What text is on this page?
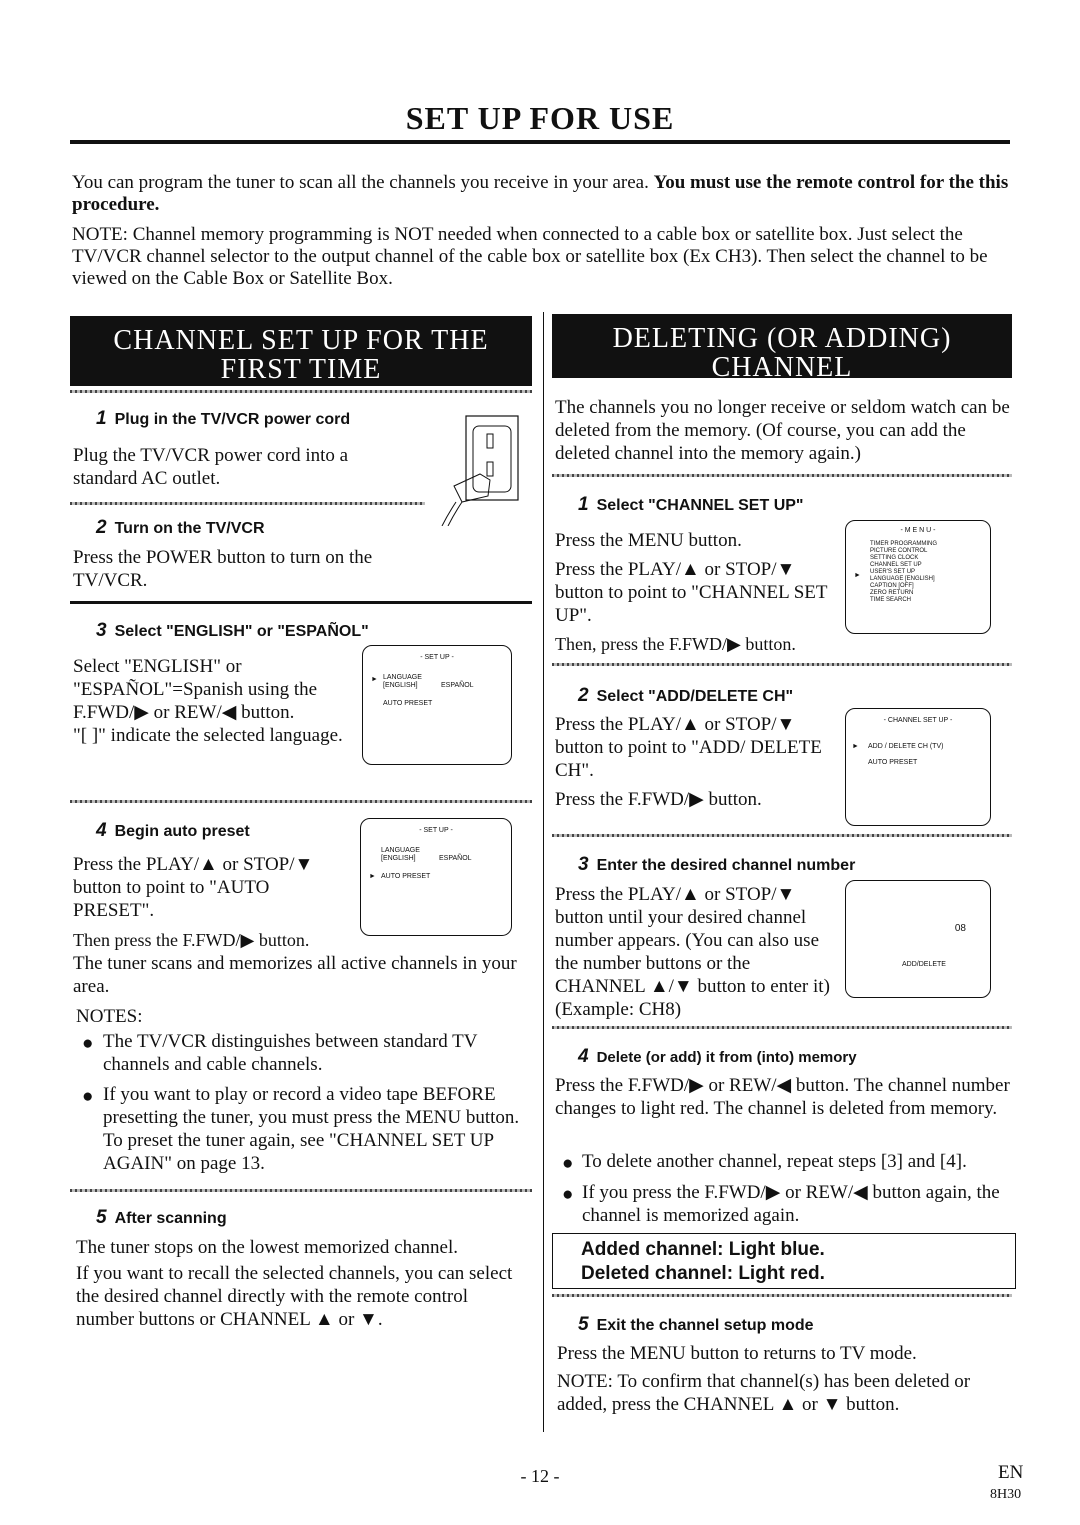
SET UP FOR USE
You can program the tuner to scan all the channels you receive in your area. You must use the remote control for the this procedure.
NOTE: Channel memory programming is NOT needed when connected to a cable box or satellite box. Just select the TV/VCR channel selector to the output channel of the cable box or satellite box (Ex CH3). Then select the channel to be viewed on the Cable Box or Satellite Box.
CHANNEL SET UP FOR THE
FIRST TIME
1 Plug in the TV/VCR power cord
Plug the TV/VCR power cord into a standard AC outlet.
2 Turn on the TV/VCR
Press the POWER button to turn on the TV/VCR.
3 Select "ENGLISH" or "ESPAÑOL"
Select "ENGLISH" or "ESPAÑOL"=Spanish using the F.FWD/▶ or REW/◀ button.
"[ ]" indicate the selected language.
- SET UP -
► LANGUAGE
[ENGLISH]	ESPAÑOL
AUTO PRESET
4 Begin auto preset
Press the PLAY/▲ or STOP/▼ button to point to "AUTO PRESET".
Then press the F.FWD/▶ button.
The tuner scans and memorizes all active channels in your area.
- SET UP -
LANGUAGE
[ENGLISH]	ESPAÑOL
► AUTO PRESET
NOTES:
● The TV/VCR distinguishes between standard TV channels and cable channels.
● If you want to play or record a video tape BEFORE presetting the tuner, you must press the MENU button. To preset the tuner again, see "CHANNEL SET UP AGAIN" on page 13.
5 After scanning
The tuner stops on the lowest memorized channel.
If you want to recall the selected channels, you can select the desired channel directly with the remote control number buttons or CHANNEL ▲ or ▼.
DELETING (OR ADDING)
CHANNEL
The channels you no longer receive or seldom watch can be deleted from the memory. (Of course, you can add the deleted channel into the memory again.)
1 Select "CHANNEL SET UP"
Press the MENU button.
Press the PLAY/▲ or STOP/▼ button to point to "CHANNEL SET UP".
Then, press the F.FWD/▶ button.
- M E N U -
►
TIMER PROGRAMMING
PICTURE CONTROL
SETTING CLOCK
CHANNEL SET UP
USER'S SET UP
LANGUAGE [ENGLISH]
CAPTION [OFF]
ZERO RETURN
TIME SEARCH
2 Select "ADD/DELETE CH"
Press the PLAY/▲ or STOP/▼ button to point to "ADD/ DELETE CH".
Press the F.FWD/▶ button.
- CHANNEL SET UP -
► ADD / DELETE CH (TV)
AUTO PRESET
3 Enter the desired channel number
Press the PLAY/▲ or STOP/▼ button until your desired channel number appears. (You can also use the number buttons or the CHANNEL ▲/▼ button to enter it) (Example: CH8)
08
ADD/DELETE
4 Delete (or add) it from (into) memory
Press the F.FWD/▶ or REW/◀ button. The channel number changes to light red. The channel is deleted from memory.
● To delete another channel, repeat steps [3] and [4].
● If you press the F.FWD/▶ or REW/◀ button again, the channel is memorized again.
Added channel: Light blue.
Deleted channel: Light red.
5 Exit the channel setup mode
Press the MENU button to returns to TV mode.
NOTE: To confirm that channel(s) has been deleted or added, press the CHANNEL ▲ or ▼ button.
- 12 -	EN
8H30
